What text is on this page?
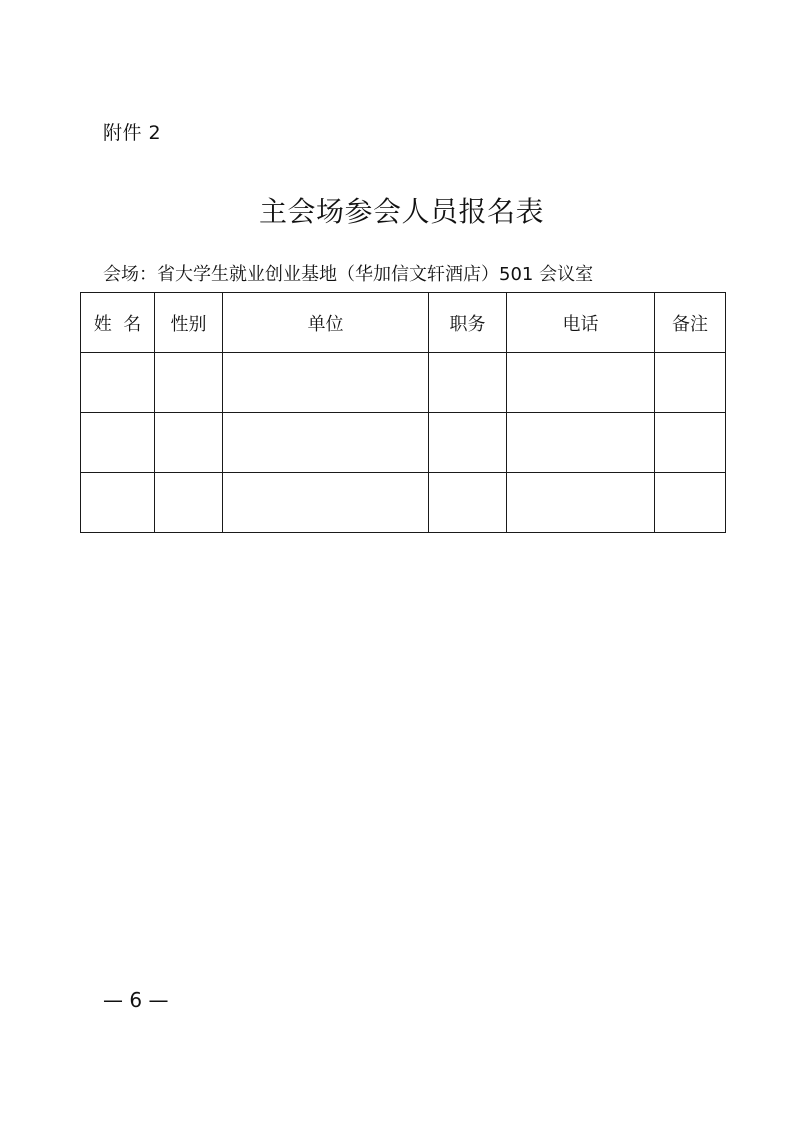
附件 2
主会场参会人员报名表
会场：省大学生就业创业基地（华加信文轩酒店）501 会议室
姓  名	性别	单位	职务	电话	备注

— 6 —
